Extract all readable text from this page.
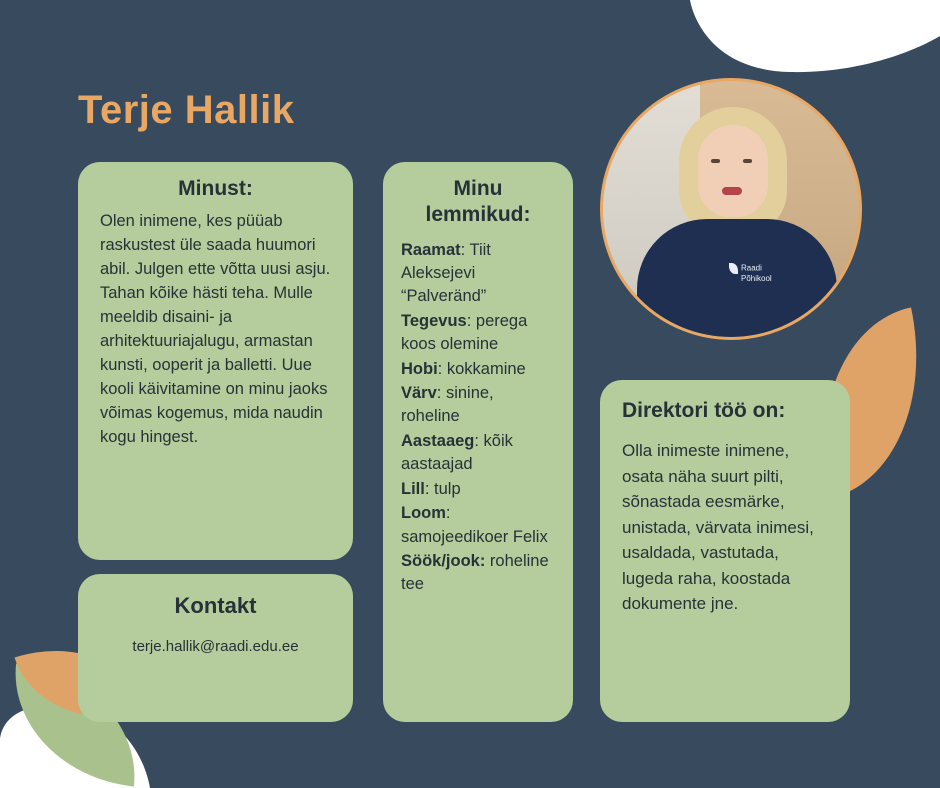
Terje Hallik
Minust:
Olen inimene, kes püüab raskustest üle saada huumori abil. Julgen ette võtta uusi asju. Tahan kõike hästi teha. Mulle meeldib disaini- ja arhitektuuriajalugu, armastan kunsti, ooperit ja balletti. Uue kooli käivitamine on minu jaoks võimas kogemus, mida naudin kogu hingest.
Kontakt
terje.hallik@raadi.edu.ee
Minu lemmikud:
Raamat: Tiit Aleksejevi “Palveränd”
Tegevus: perega koos olemine
Hobi: kokkamine
Värv: sinine, roheline
Aastaaeg: kõik aastaajad
Lill: tulp
Loom: samojeedikoer Felix
Söök/jook: roheline tee
Direktori töö on:
Olla inimeste inimene, osata näha suurt pilti, sõnastada eesmärke, unistada, värvata inimesi, usaldada, vastutada, lugeda raha, koostada dokumente jne.
Raadi
Põhikool
